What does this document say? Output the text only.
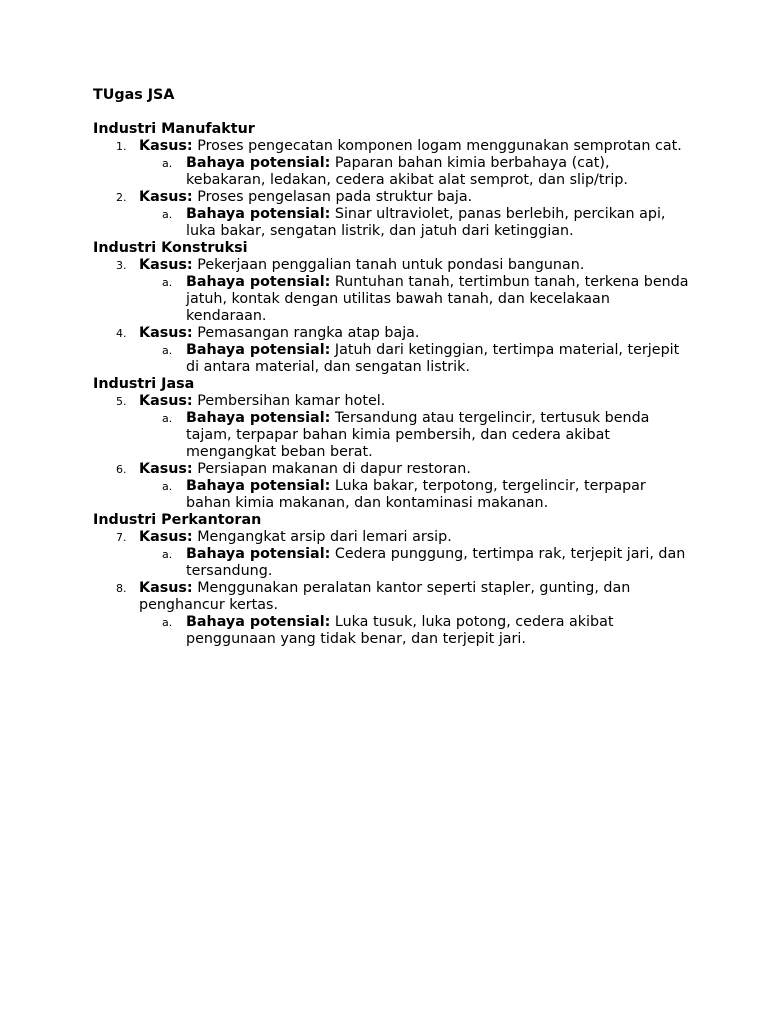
TUgas JSA

Industri Manufaktur

1. Kasus: Proses pengecatan komponen logam menggunakan semprotan cat.
a. Bahaya potensial: Paparan bahan kimia berbahaya (cat), kebakaran, ledakan, cedera akibat alat semprot, dan slip/trip.
2. Kasus: Proses pengelasan pada struktur baja.
a. Bahaya potensial: Sinar ultraviolet, panas berlebih, percikan api, luka bakar, sengatan listrik, dan jatuh dari ketinggian.

Industri Konstruksi

3. Kasus: Pekerjaan penggalian tanah untuk pondasi bangunan.
a. Bahaya potensial: Runtuhan tanah, tertimbun tanah, terkena benda jatuh, kontak dengan utilitas bawah tanah, dan kecelakaan kendaraan.
4. Kasus: Pemasangan rangka atap baja.
a. Bahaya potensial: Jatuh dari ketinggian, tertimpa material, terjepit di antara material, dan sengatan listrik.

Industri Jasa

5. Kasus: Pembersihan kamar hotel.
a. Bahaya potensial: Tersandung atau tergelincir, tertusuk benda tajam, terpapar bahan kimia pembersih, dan cedera akibat mengangkat beban berat.
6. Kasus: Persiapan makanan di dapur restoran.
a. Bahaya potensial: Luka bakar, terpotong, tergelincir, terpapar bahan kimia makanan, dan kontaminasi makanan.

Industri Perkantoran

7. Kasus: Mengangkat arsip dari lemari arsip.
a. Bahaya potensial: Cedera punggung, tertimpa rak, terjepit jari, dan tersandung.
8. Kasus: Menggunakan peralatan kantor seperti stapler, gunting, dan penghancur kertas.
a. Bahaya potensial: Luka tusuk, luka potong, cedera akibat penggunaan yang tidak benar, dan terjepit jari.
